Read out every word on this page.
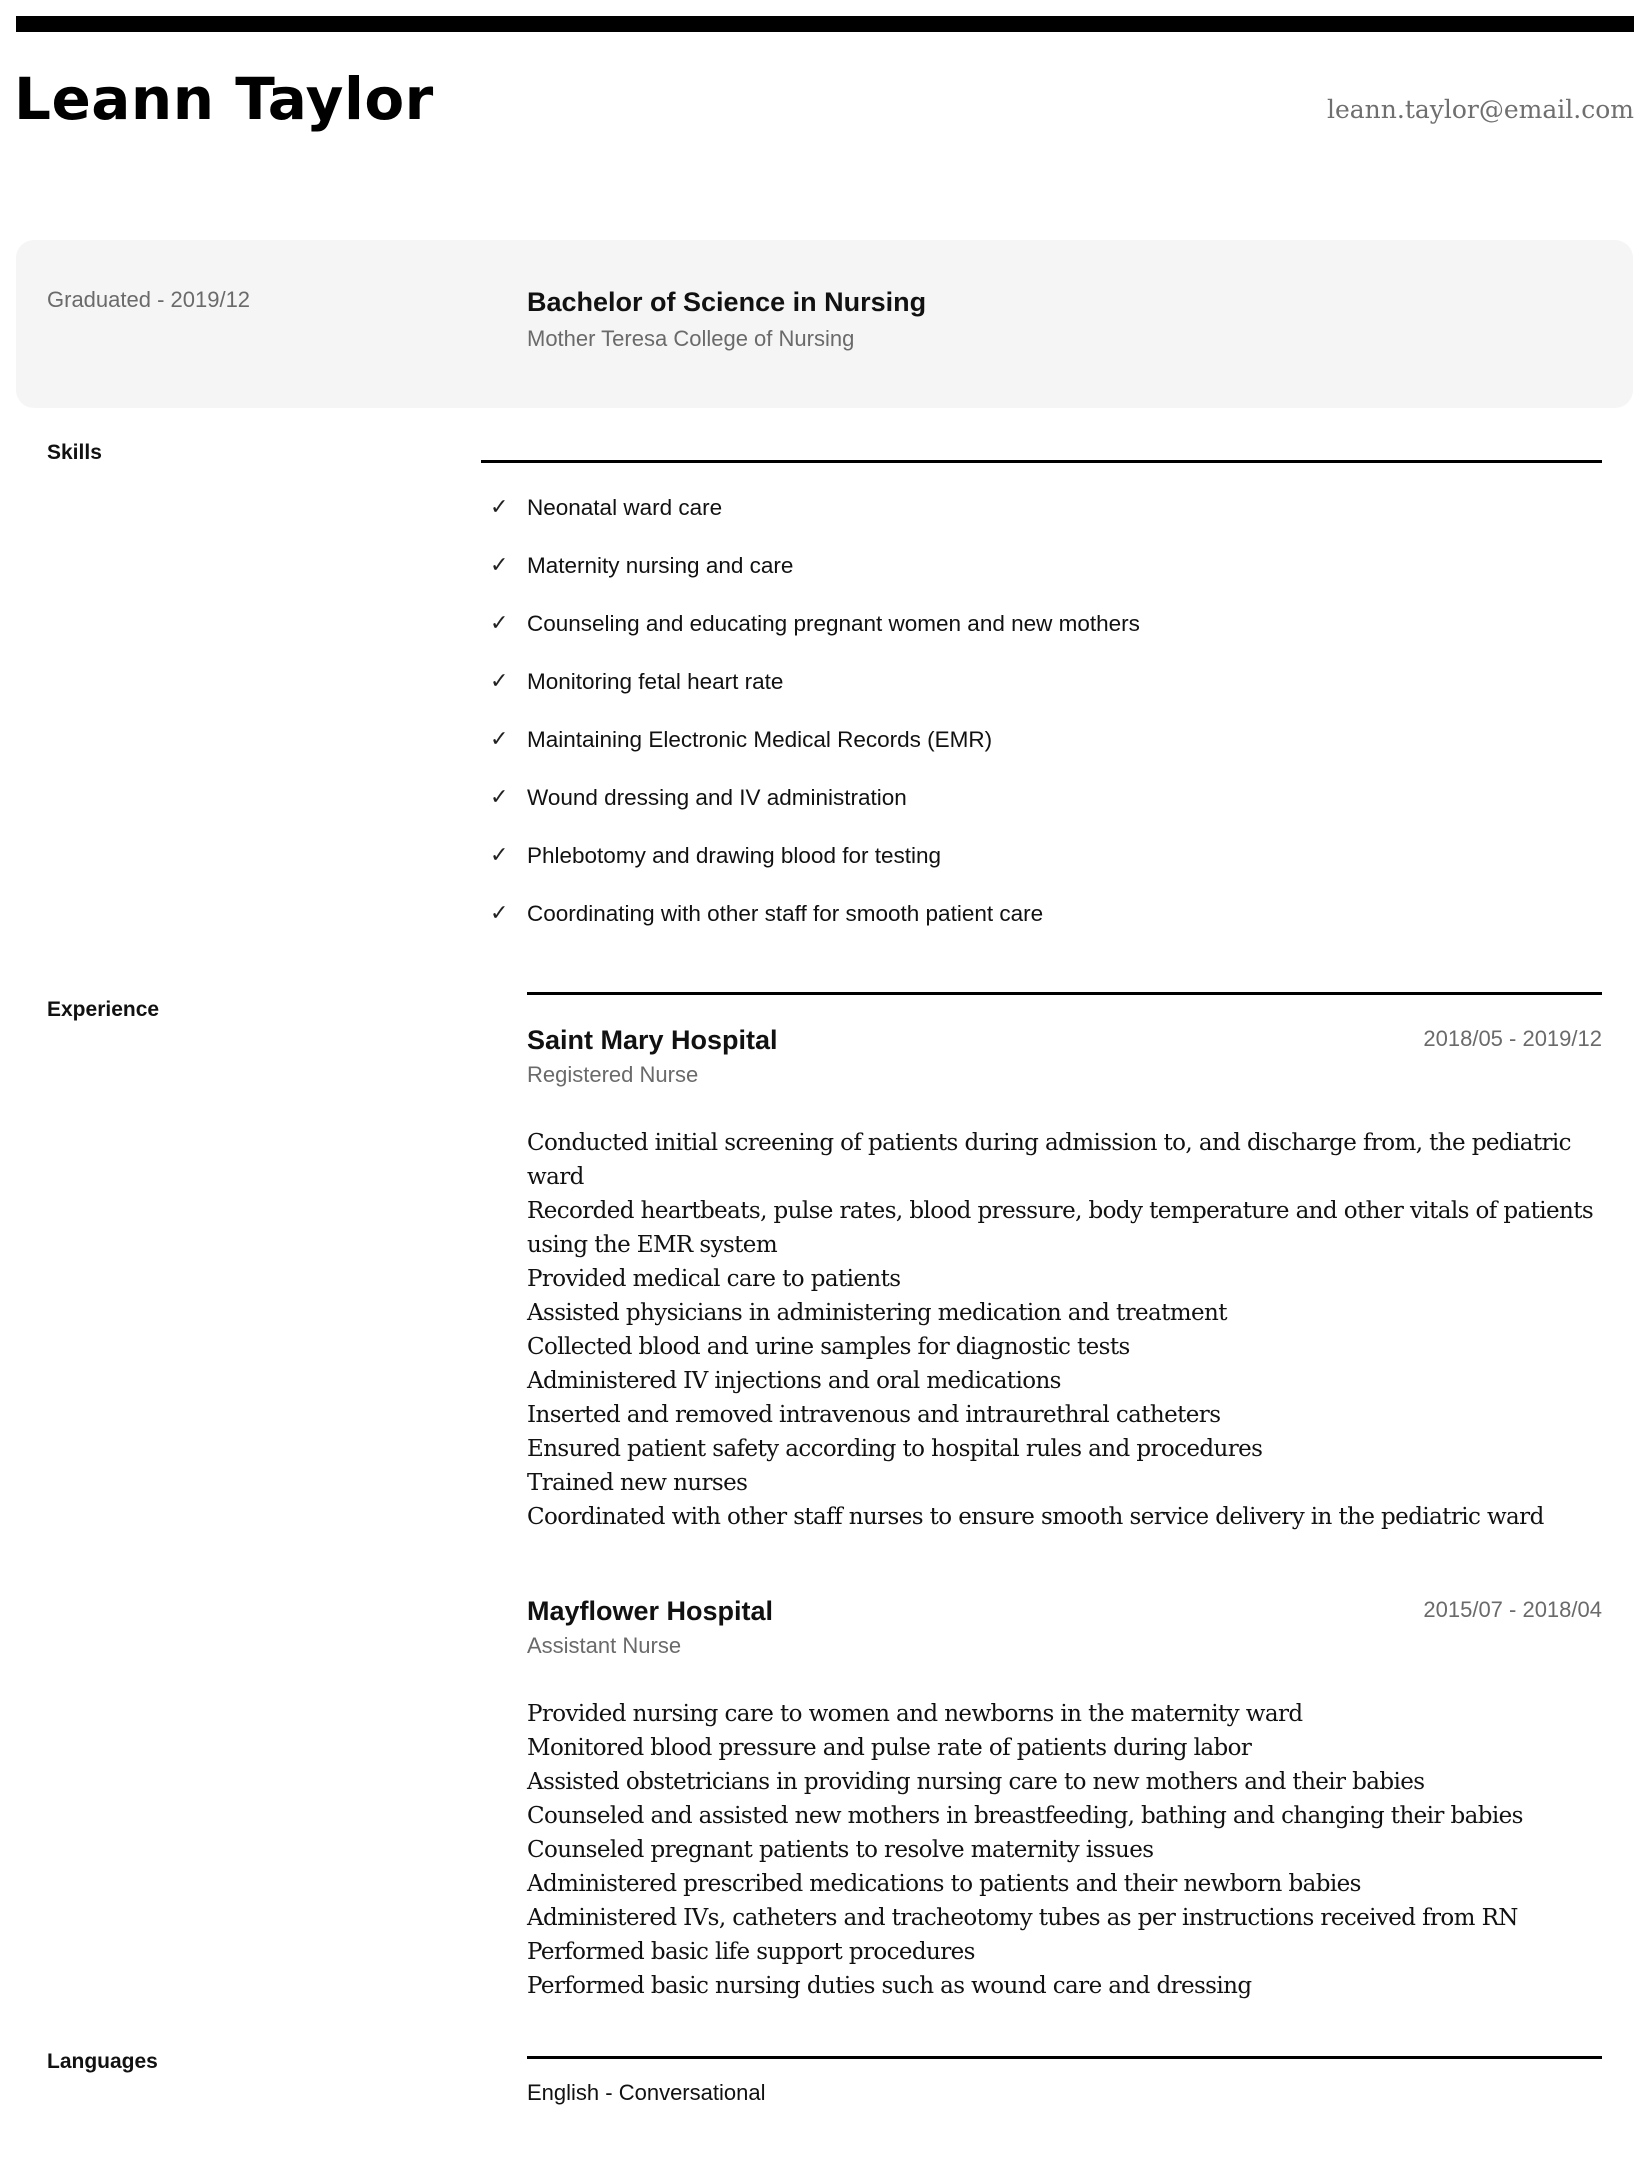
Leann Taylor	leann.taylor@email.com
Graduated - 2019/12	Bachelor of Science in Nursing
Mother Teresa College of Nursing
Skills
✓ Neonatal ward care
✓ Maternity nursing and care
✓ Counseling and educating pregnant women and new mothers
✓ Monitoring fetal heart rate
✓ Maintaining Electronic Medical Records (EMR)
✓ Wound dressing and IV administration
✓ Phlebotomy and drawing blood for testing
✓ Coordinating with other staff for smooth patient care
Experience
Saint Mary Hospital	2018/05 - 2019/12
Registered Nurse
Conducted initial screening of patients during admission to, and discharge from, the pediatric ward
Recorded heartbeats, pulse rates, blood pressure, body temperature and other vitals of patients using the EMR system
Provided medical care to patients
Assisted physicians in administering medication and treatment
Collected blood and urine samples for diagnostic tests
Administered IV injections and oral medications
Inserted and removed intravenous and intraurethral catheters
Ensured patient safety according to hospital rules and procedures
Trained new nurses
Coordinated with other staff nurses to ensure smooth service delivery in the pediatric ward
Mayflower Hospital	2015/07 - 2018/04
Assistant Nurse
Provided nursing care to women and newborns in the maternity ward
Monitored blood pressure and pulse rate of patients during labor
Assisted obstetricians in providing nursing care to new mothers and their babies
Counseled and assisted new mothers in breastfeeding, bathing and changing their babies
Counseled pregnant patients to resolve maternity issues
Administered prescribed medications to patients and their newborn babies
Administered IVs, catheters and tracheotomy tubes as per instructions received from RN
Performed basic life support procedures
Performed basic nursing duties such as wound care and dressing
Languages
English - Conversational
